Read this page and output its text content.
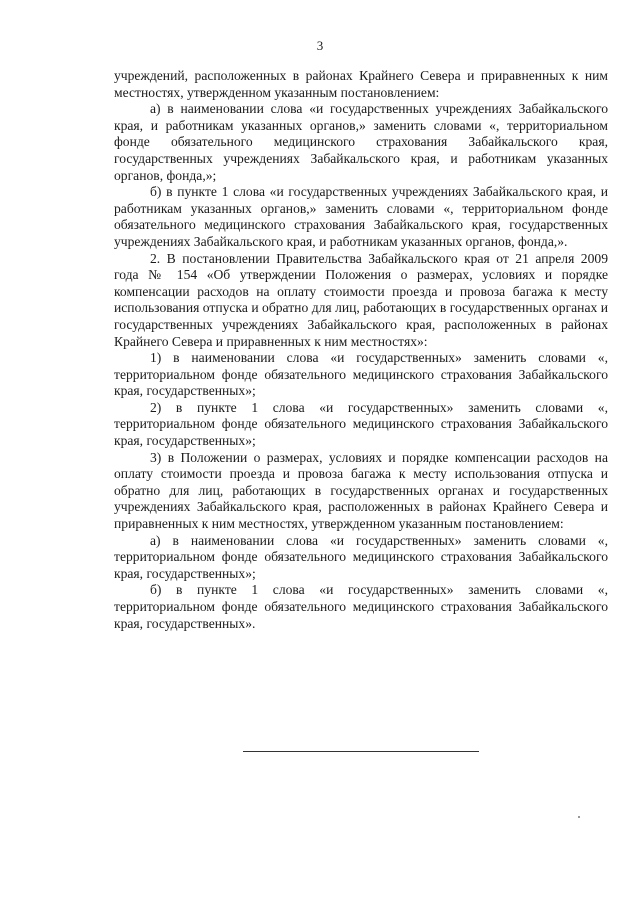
3

учреждений, расположенных в районах Крайнего Севера и приравненных к ним местностях, утвержденном указанным постановлением:

а) в наименовании слова «и государственных учреждениях Забайкальского края, и работникам указанных органов,» заменить словами «, территориальном фонде обязательного медицинского страхования Забайкальского края, государственных учреждениях Забайкальского края, и работникам указанных органов, фонда,»;

б) в пункте 1 слова «и государственных учреждениях Забайкальского края, и работникам указанных органов,» заменить словами «, территориальном фонде обязательного медицинского страхования Забайкальского края, государственных учреждениях Забайкальского края, и работникам указанных органов, фонда,».

2. В постановлении Правительства Забайкальского края от 21 апреля 2009 года № 154 «Об утверждении Положения о размерах, условиях и порядке компенсации расходов на оплату стоимости проезда и провоза багажа к месту использования отпуска и обратно для лиц, работающих в государственных органах и государственных учреждениях Забайкальского края, расположенных в районах Крайнего Севера и приравненных к ним местностях»:

1) в наименовании слова «и государственных» заменить словами «, территориальном фонде обязательного медицинского страхования Забайкальского края, государственных»;

2) в пункте 1 слова «и государственных» заменить словами «, территориальном фонде обязательного медицинского страхования Забайкальского края, государственных»;

3) в Положении о размерах, условиях и порядке компенсации расходов на оплату стоимости проезда и провоза багажа к месту использования отпуска и обратно для лиц, работающих в государственных органах и государственных учреждениях Забайкальского края, расположенных в районах Крайнего Севера и приравненных к ним местностях, утвержденном указанным постановлением:

а) в наименовании слова «и государственных» заменить словами «, территориальном фонде обязательного медицинского страхования Забайкальского края, государственных»;

б) в пункте 1 слова «и государственных» заменить словами «, территориальном фонде обязательного медицинского страхования Забайкальского края, государственных».
